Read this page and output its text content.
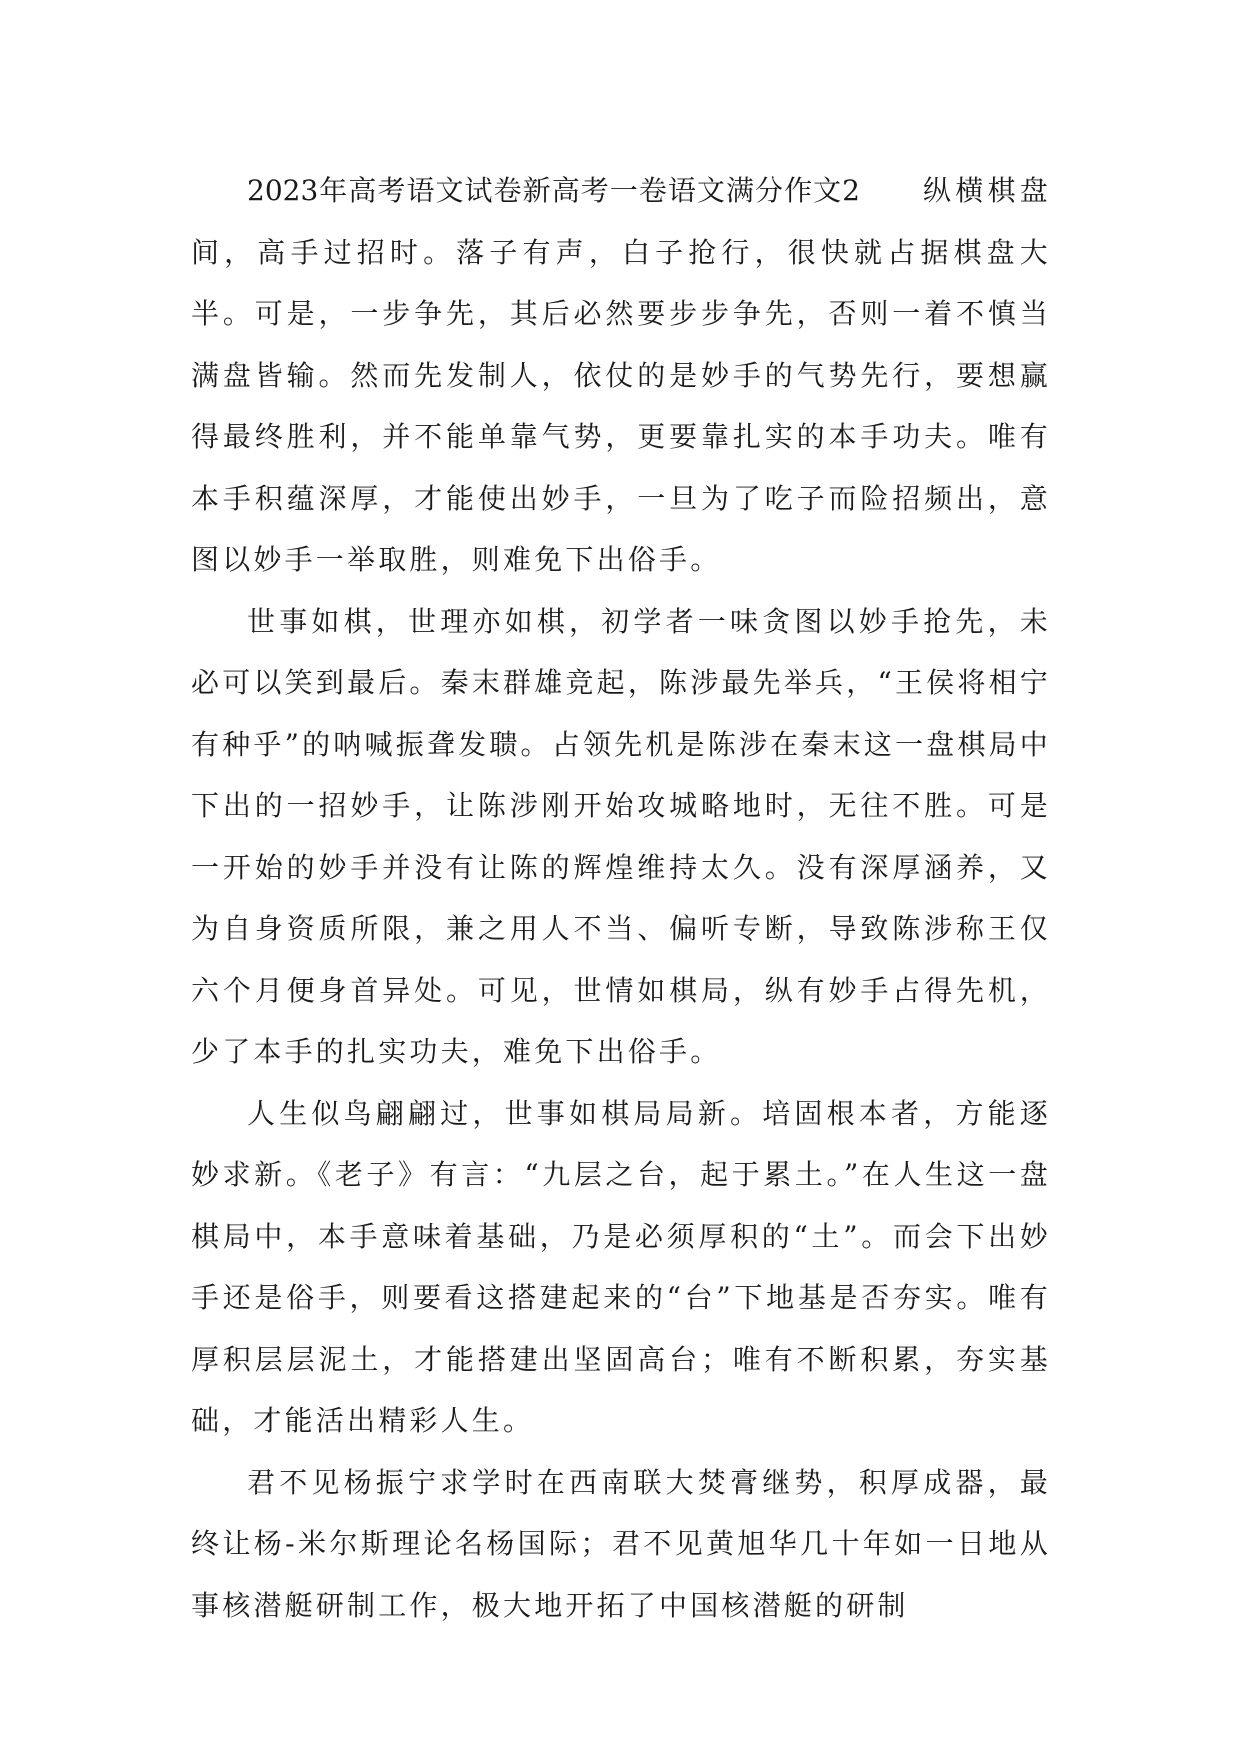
2023年高考语文试卷新高考一卷语文满分作文2 纵横棋盘间，高手过招时。落子有声，白子抢行，很快就占据棋盘大半。可是，一步争先，其后必然要步步争先，否则一着不慎当满盘皆输。然而先发制人，依仗的是妙手的气势先行，要想赢得最终胜利，并不能单靠气势，更要靠扎实的本手功夫。唯有本手积蕴深厚，才能使出妙手，一旦为了吃子而险招频出，意图以妙手一举取胜，则难免下出俗手。

世事如棋，世理亦如棋，初学者一味贪图以妙手抢先，未必可以笑到最后。秦末群雄竞起，陈涉最先举兵，“王侯将相宁有种乎”的呐喊振聋发聩。占领先机是陈涉在秦末这一盘棋局中下出的一招妙手，让陈涉刚开始攻城略地时，无往不胜。可是一开始的妙手并没有让陈的辉煌维持太久。没有深厚涵养，又为自身资质所限，兼之用人不当、偏听专断，导致陈涉称王仅六个月便身首异处。可见，世情如棋局，纵有妙手占得先机，少了本手的扎实功夫，难免下出俗手。

人生似鸟翩翩过，世事如棋局局新。培固根本者，方能逐妙求新。《老子》有言：“九层之台，起于累土。”在人生这一盘棋局中，本手意味着基础，乃是必须厚积的“土”。而会下出妙手还是俗手，则要看这搭建起来的“台”下地基是否夯实。唯有厚积层层泥土，才能搭建出坚固高台；唯有不断积累，夯实基础，才能活出精彩人生。

君不见杨振宁求学时在西南联大焚膏继势，积厚成器，最终让杨-米尔斯理论名杨国际；君不见黄旭华几十年如一日地从事核潜艇研制工作，极大地开拓了中国核潜艇的研制
